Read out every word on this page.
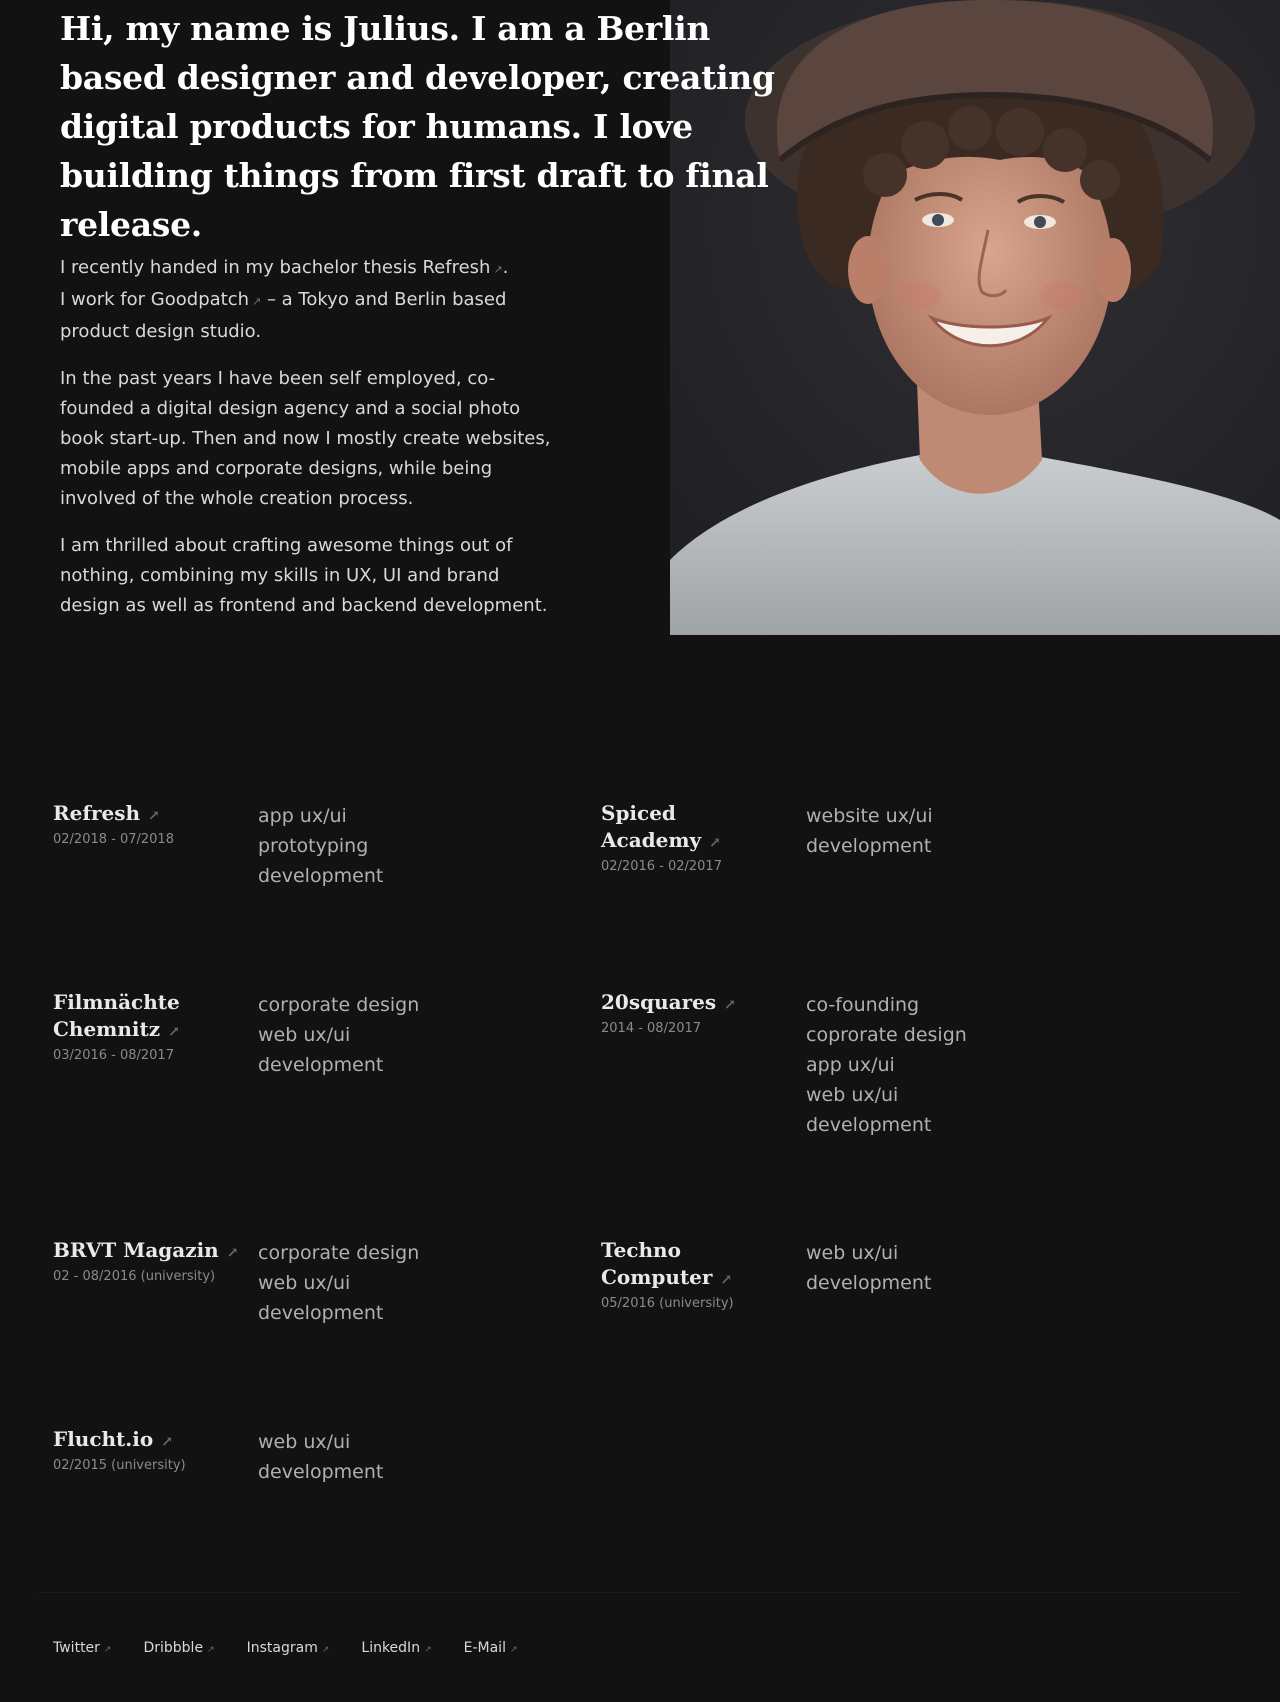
Hi, my name is Julius. I am a Berlin based designer and developer, creating digital products for humans. I love building things from first draft to final release.

I recently handed in my bachelor thesis Refresh ↗.
I work for Goodpatch ↗ – a Tokyo and Berlin based product design studio.

In the past years I have been self employed, co-founded a digital design agency and a social photo book start-up. Then and now I mostly create websites, mobile apps and corporate designs, while being involved of the whole creation process.

I am thrilled about crafting awesome things out of nothing, combining my skills in UX, UI and brand design as well as frontend and backend development.

Refresh ↗
02/2018 - 07/2018
app ux/ui
prototyping
development
Spiced Academy ↗
02/2016 - 02/2017
website ux/ui
development
Filmnächte Chemnitz ↗
03/2016 - 08/2017
corporate design
web ux/ui
development
20squares ↗
2014 - 08/2017
co-founding
coprorate design
app ux/ui
web ux/ui
development
BRVT Magazin ↗
02 - 08/2016 (university)
corporate design
web ux/ui
development
Techno Computer ↗
05/2016 (university)
web ux/ui
development
Flucht.io ↗
02/2015 (university)
web ux/ui
development
Twitter ↗ Dribbble ↗ Instagram ↗ LinkedIn ↗ E-Mail ↗
